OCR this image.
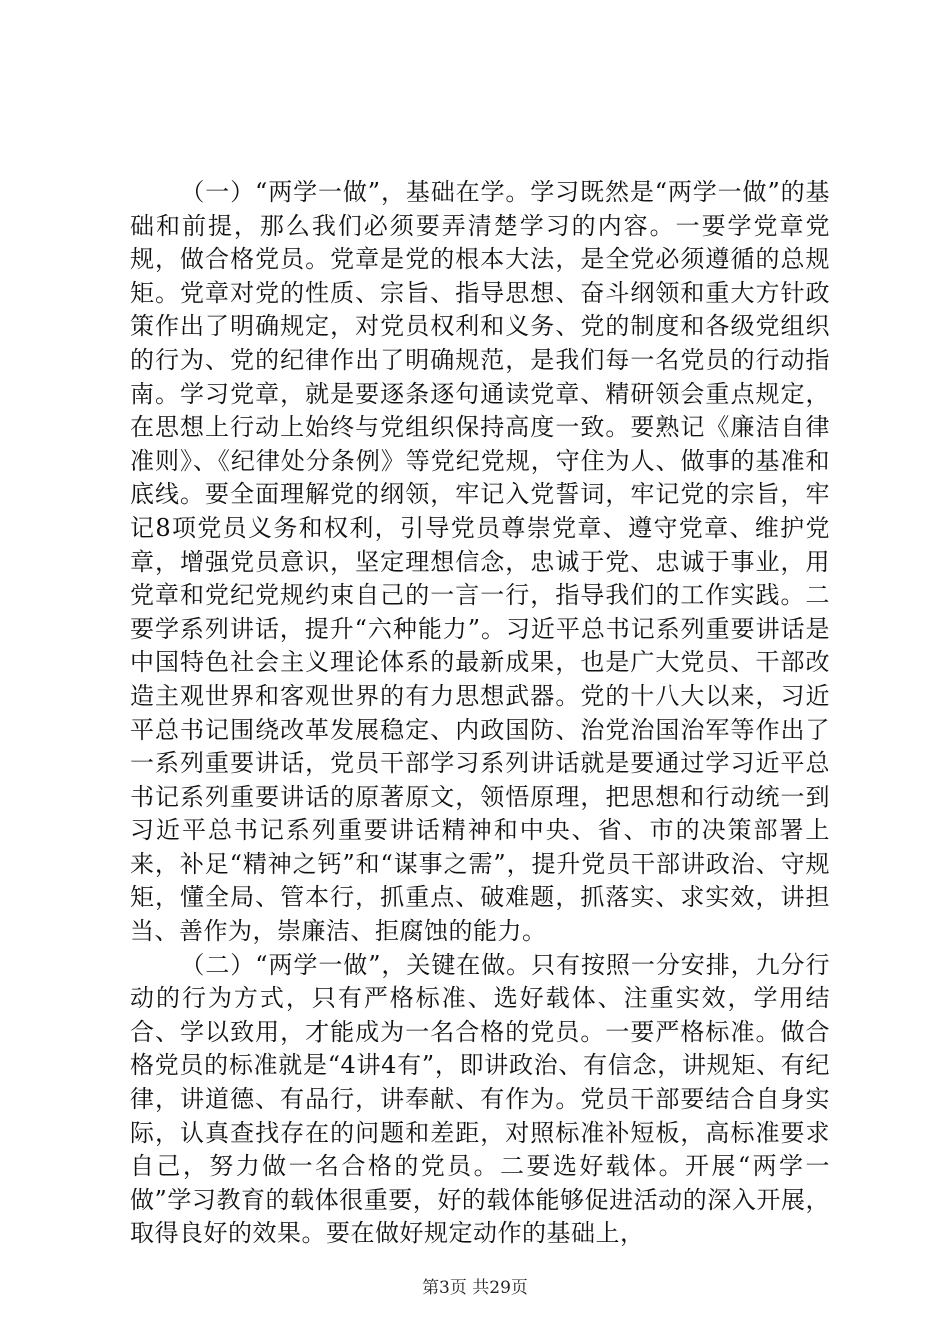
（一）“两学一做”，基础在学。学习既然是“两学一做”的基础和前提，那么我们必须要弄清楚学习的内容。一要学党章党规，做合格党员。党章是党的根本大法，是全党必须遵循的总规矩。党章对党的性质、宗旨、指导思想、奋斗纲领和重大方针政策作出了明确规定，对党员权利和义务、党的制度和各级党组织的行为、党的纪律作出了明确规范，是我们每一名党员的行动指南。学习党章，就是要逐条逐句通读党章、精研领会重点规定，在思想上行动上始终与党组织保持高度一致。要熟记《廉洁自律准则》、《纪律处分条例》等党纪党规，守住为人、做事的基准和底线。要全面理解党的纲领，牢记入党誓词，牢记党的宗旨，牢记8项党员义务和权利，引导党员尊崇党章、遵守党章、维护党章，增强党员意识，坚定理想信念，忠诚于党、忠诚于事业，用党章和党纪党规约束自己的一言一行，指导我们的工作实践。二要学系列讲话，提升“六种能力”。习近平总书记系列重要讲话是中国特色社会主义理论体系的最新成果，也是广大党员、干部改造主观世界和客观世界的有力思想武器。党的十八大以来，习近平总书记围绕改革发展稳定、内政国防、治党治国治军等作出了一系列重要讲话，党员干部学习系列讲话就是要通过学习近平总书记系列重要讲话的原著原文，领悟原理，把思想和行动统一到习近平总书记系列重要讲话精神和中央、省、市的决策部署上来，补足“精神之钙”和“谋事之需”，提升党员干部讲政治、守规矩，懂全局、管本行，抓重点、破难题，抓落实、求实效，讲担当、善作为，崇廉洁、拒腐蚀的能力。

（二）“两学一做”，关键在做。只有按照一分安排，九分行动的行为方式，只有严格标准、选好载体、注重实效，学用结合、学以致用，才能成为一名合格的党员。一要严格标准。做合格党员的标准就是“4讲4有”，即讲政治、有信念，讲规矩、有纪律，讲道德、有品行，讲奉献、有作为。党员干部要结合自身实际，认真查找存在的问题和差距，对照标准补短板，高标准要求自己，努力做一名合格的党员。二要选好载体。开展“两学一做”学习教育的载体很重要，好的载体能够促进活动的深入开展，取得良好的效果。要在做好规定动作的基础上，

第3页 共29页
